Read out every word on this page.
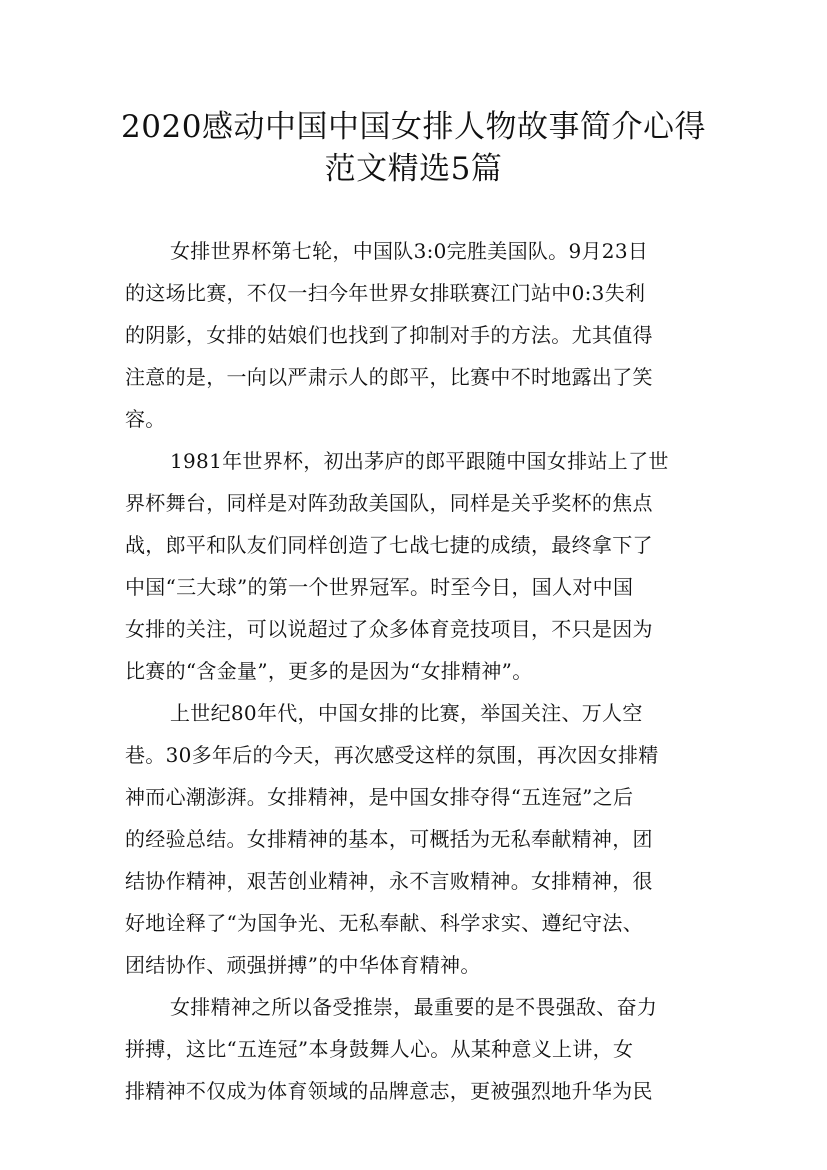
2020感动中国中国女排人物故事简介心得
范文精选5篇
女排世界杯第七轮，中国队3:0完胜美国队。9月23日
的这场比赛，不仅一扫今年世界女排联赛江门站中0:3失利
的阴影，女排的姑娘们也找到了抑制对手的方法。尤其值得
注意的是，一向以严肃示人的郎平，比赛中不时地露出了笑
容。
1981年世界杯，初出茅庐的郎平跟随中国女排站上了世
界杯舞台，同样是对阵劲敌美国队，同样是关乎奖杯的焦点
战，郎平和队友们同样创造了七战七捷的成绩，最终拿下了
中国“三大球”的第一个世界冠军。时至今日，国人对中国
女排的关注，可以说超过了众多体育竞技项目，不只是因为
比赛的“含金量”，更多的是因为“女排精神”。
上世纪80年代，中国女排的比赛，举国关注、万人空
巷。30多年后的今天，再次感受这样的氛围，再次因女排精
神而心潮澎湃。女排精神，是中国女排夺得“五连冠”之后
的经验总结。女排精神的基本，可概括为无私奉献精神，团
结协作精神，艰苦创业精神，永不言败精神。女排精神，很
好地诠释了“为国争光、无私奉献、科学求实、遵纪守法、
团结协作、顽强拼搏”的中华体育精神。
女排精神之所以备受推崇，最重要的是不畏强敌、奋力
拼搏，这比“五连冠”本身鼓舞人心。从某种意义上讲，女
排精神不仅成为体育领域的品牌意志，更被强烈地升华为民
